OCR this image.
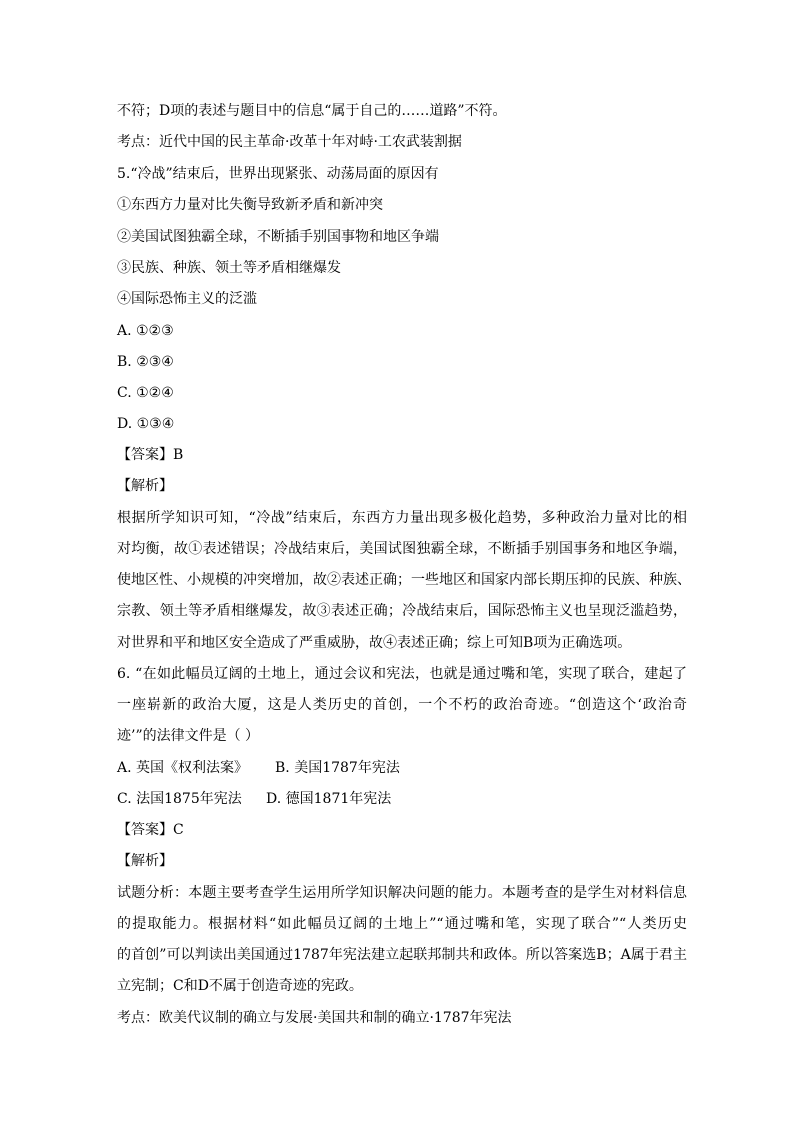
不符；D项的表述与题目中的信息“属于自己的……道路”不符。
考点：近代中国的民主革命·改革十年对峙·工农武装割据
5.“冷战”结束后，世界出现紧张、动荡局面的原因有
①东西方力量对比失衡导致新矛盾和新冲突
②美国试图独霸全球，不断插手别国事物和地区争端
③民族、种族、领土等矛盾相继爆发
④国际恐怖主义的泛滥
A. ①②③
B. ②③④
C. ①②④
D. ①③④
【答案】B
【解析】
根据所学知识可知，“冷战”结束后，东西方力量出现多极化趋势，多种政治力量对比的相
对均衡，故①表述错误；冷战结束后，美国试图独霸全球，不断插手别国事务和地区争端，
使地区性、小规模的冲突增加，故②表述正确；一些地区和国家内部长期压抑的民族、种族、
宗教、领土等矛盾相继爆发，故③表述正确；冷战结束后，国际恐怖主义也呈现泛滥趋势，
对世界和平和地区安全造成了严重威胁，故④表述正确；综上可知B项为正确选项。
6. “在如此幅员辽阔的土地上，通过会议和宪法，也就是通过嘴和笔，实现了联合，建起了
一座崭新的政治大厦，这是人类历史的首创，一个不朽的政治奇迹。“创造这个‘政治奇
迹’”的法律文件是（ ）
A. 英国《权利法案》 B. 美国1787年宪法
C. 法国1875年宪法 D. 德国1871年宪法
【答案】C
【解析】
试题分析：本题主要考查学生运用所学知识解决问题的能力。本题考查的是学生对材料信息
的提取能力。根据材料“如此幅员辽阔的土地上”“通过嘴和笔，实现了联合”“人类历史
的首创”可以判读出美国通过1787年宪法建立起联邦制共和政体。所以答案选B；A属于君主
立宪制；C和D不属于创造奇迹的宪政。
考点：欧美代议制的确立与发展·美国共和制的确立·1787年宪法
